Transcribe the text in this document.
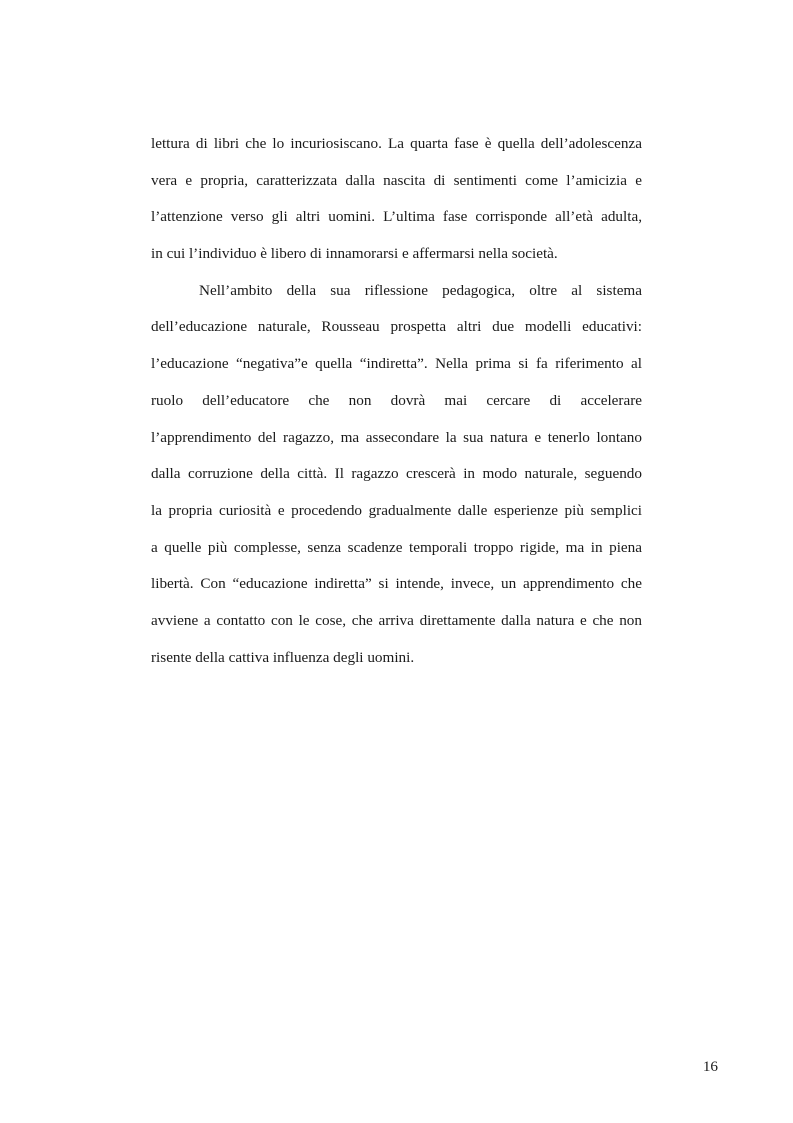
lettura di libri che lo incuriosiscano. La quarta fase è quella dell’adolescenza
vera e propria, caratterizzata dalla nascita di sentimenti come l’amicizia e
l’attenzione verso gli altri uomini. L’ultima fase corrisponde all’età adulta,
in cui l’individuo è libero di innamorarsi e affermarsi nella società.
Nell’ambito della sua riflessione pedagogica, oltre al sistema
dell’educazione naturale, Rousseau prospetta altri due modelli educativi:
l’educazione “negativa”e quella “indiretta”. Nella prima si fa riferimento al
ruolo dell’educatore che non dovrà mai cercare di accelerare
l’apprendimento del ragazzo, ma assecondare la sua natura e tenerlo lontano
dalla corruzione della città. Il ragazzo crescerà in modo naturale, seguendo
la propria curiosità e procedendo gradualmente dalle esperienze più semplici
a quelle più complesse, senza scadenze temporali troppo rigide, ma in piena
libertà. Con “educazione indiretta” si intende, invece, un apprendimento che
avviene a contatto con le cose, che arriva direttamente dalla natura e che non
risente della cattiva influenza degli uomini.
16
